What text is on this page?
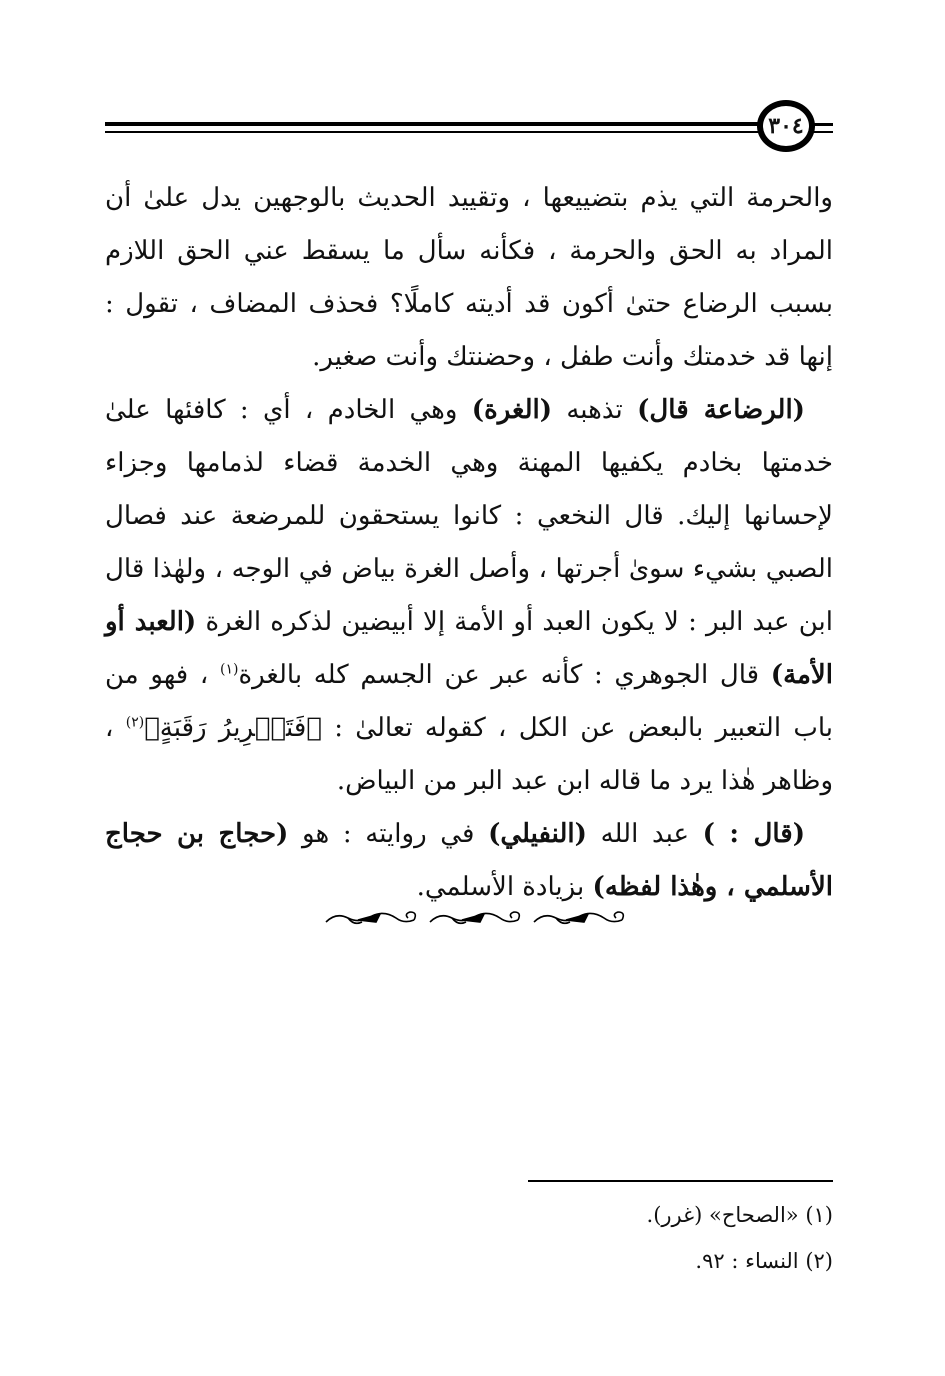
٣٠٤

والحرمة التي يذم بتضييعها ، وتقييد الحديث بالوجهين يدل علىٰ أن المراد به الحق والحرمة ، فكأنه سأل ما يسقط عني الحق اللازم بسبب الرضاع حتىٰ أكون قد أديته كاملًا؟ فحذف المضاف ، تقول : إنها قد خدمتك وأنت طفل ، وحضنتك وأنت صغير.

(الرضاعة قال) تذهبه (الغرة) وهي الخادم ، أي : كافئها علىٰ خدمتها بخادم يكفيها المهنة وهي الخدمة قضاء لذمامها وجزاء لإحسانها إليك. قال النخعي : كانوا يستحقون للمرضعة عند فصال الصبي بشيء سوىٰ أجرتها ، وأصل الغرة بياض في الوجه ، ولهٰذا قال ابن عبد البر : لا يكون العبد أو الأمة إلا أبيضين لذكره الغرة (العبد أو الأمة) قال الجوهري : كأنه عبر عن الجسم كله بالغرة$^{(١)}$ ، فهو من باب التعبير بالبعض عن الكل ، كقوله تعالىٰ : ﴿فَتَحۡرِيرُ رَقَبَةٍ﴾$^{(٢)}$ ، وظاهر هٰذا يرد ما قاله ابن عبد البر من البياض.

(قال : ) عبد الله (النفيلي) في روايته : هو (حجاج بن حجاج الأسلمي ، وهٰذا لفظه) بزيادة الأسلمي.

(١) «الصحاح» (غرر).
(٢) النساء : ٩٢.
